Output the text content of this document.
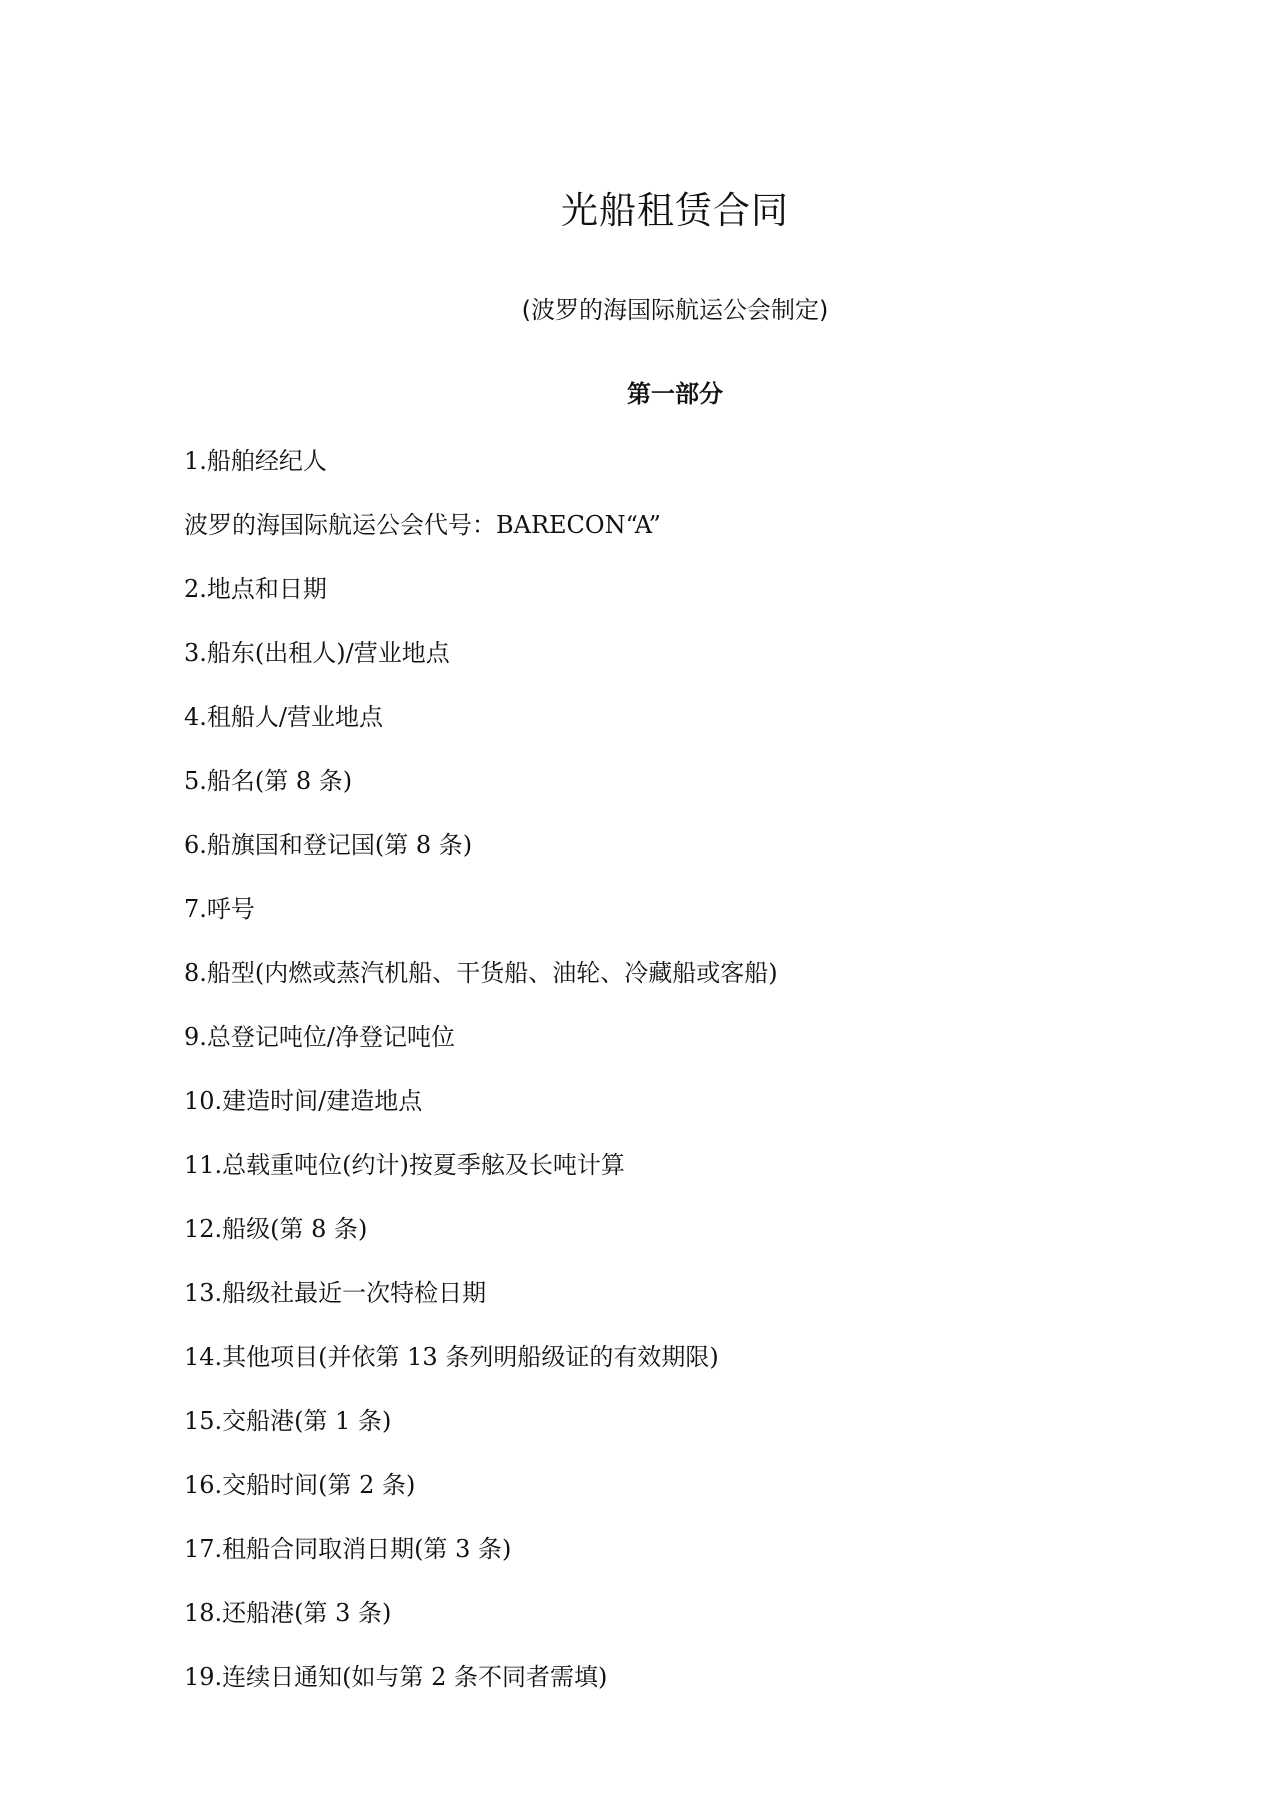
光船租赁合同
(波罗的海国际航运公会制定)
第一部分
1.船舶经纪人
波罗的海国际航运公会代号：BARECON“A”
2.地点和日期
3.船东(出租人)/营业地点
4.租船人/营业地点
5.船名(第 8 条)
6.船旗国和登记国(第 8 条)
7.呼号
8.船型(内燃或蒸汽机船、干货船、油轮、冷藏船或客船)
9.总登记吨位/净登记吨位
10.建造时间/建造地点
11.总载重吨位(约计)按夏季舷及长吨计算
12.船级(第 8 条)
13.船级社最近一次特检日期
14.其他项目(并依第 13 条列明船级证的有效期限)
15.交船港(第 1 条)
16.交船时间(第 2 条)
17.租船合同取消日期(第 3 条)
18.还船港(第 3 条)
19.连续日通知(如与第 2 条不同者需填)
